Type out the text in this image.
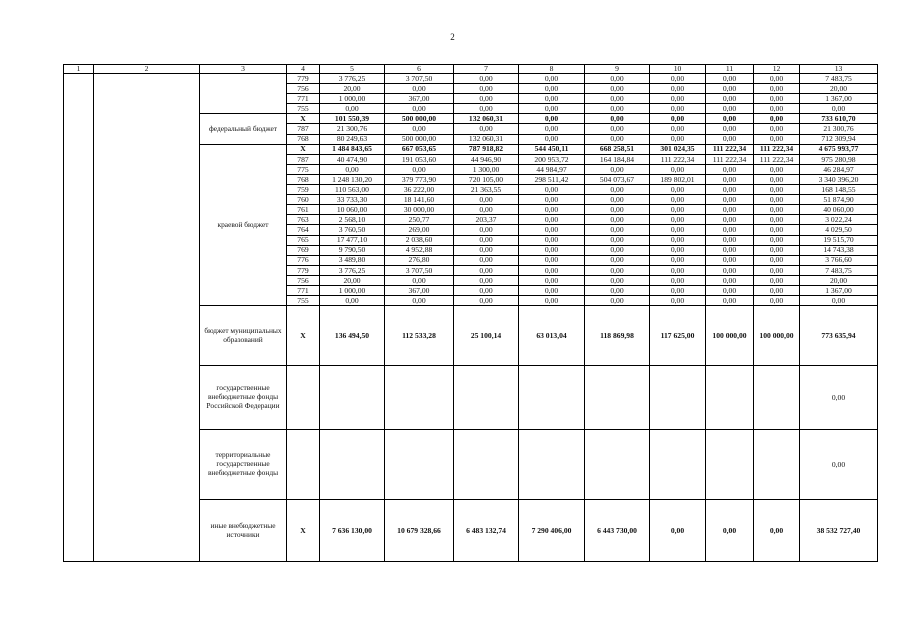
2
1	2	3	4	5	6	7	8	9	10	11	12	13
			779	3 776,25	3 707,50	0,00	0,00	0,00	0,00	0,00	0,00	7 483,75
			756	20,00	0,00	0,00	0,00	0,00	0,00	0,00	0,00	20,00
			771	1 000,00	367,00	0,00	0,00	0,00	0,00	0,00	0,00	1 367,00
			755	0,00	0,00	0,00	0,00	0,00	0,00	0,00	0,00	0,00
		федеральный бюджет	Х	101 550,39	500 000,00	132 060,31	0,00	0,00	0,00	0,00	0,00	733 610,70
			787	21 300,76	0,00	0,00	0,00	0,00	0,00	0,00	0,00	21 300,76
			768	80 249,63	500 000,00	132 060,31	0,00	0,00	0,00	0,00	0,00	712 309,94
		краевой бюджет	Х	1 484 843,65	667 053,65	787 918,82	544 450,11	668 258,51	301 024,35	111 222,34	111 222,34	4 675 993,77
			787	40 474,90	191 053,60	44 946,90	200 953,72	164 184,84	111 222,34	111 222,34	111 222,34	975 280,98
			775	0,00	0,00	1 300,00	44 984,97	0,00	0,00	0,00	0,00	46 284,97
			768	1 248 130,20	379 773,90	720 105,00	298 511,42	504 073,67	189 802,01	0,00	0,00	3 340 396,20
			759	110 563,00	36 222,00	21 363,55	0,00	0,00	0,00	0,00	0,00	168 148,55
			760	33 733,30	18 141,60	0,00	0,00	0,00	0,00	0,00	0,00	51 874,90
			761	10 060,00	30 000,00	0,00	0,00	0,00	0,00	0,00	0,00	40 060,00
			763	2 568,10	250,77	203,37	0,00	0,00	0,00	0,00	0,00	3 022,24
			764	3 760,50	269,00	0,00	0,00	0,00	0,00	0,00	0,00	4 029,50
			765	17 477,10	2 038,60	0,00	0,00	0,00	0,00	0,00	0,00	19 515,70
			769	9 790,50	4 952,88	0,00	0,00	0,00	0,00	0,00	0,00	14 743,38
			776	3 489,80	276,80	0,00	0,00	0,00	0,00	0,00	0,00	3 766,60
			779	3 776,25	3 707,50	0,00	0,00	0,00	0,00	0,00	0,00	7 483,75
			756	20,00	0,00	0,00	0,00	0,00	0,00	0,00	0,00	20,00
			771	1 000,00	367,00	0,00	0,00	0,00	0,00	0,00	0,00	1 367,00
			755	0,00	0,00	0,00	0,00	0,00	0,00	0,00	0,00	0,00
		бюджет муниципальных образований	Х	136 494,50	112 533,28	25 100,14	63 013,04	118 869,98	117 625,00	100 000,00	100 000,00	773 635,94
		государственные внебюджетные фонды Российской Федерации										0,00
		территориальные государственные внебюджетные фонды										0,00
		иные внебюджетные источники	Х	7 636 130,00	10 679 328,66	6 483 132,74	7 290 406,00	6 443 730,00	0,00	0,00	0,00	38 532 727,40
